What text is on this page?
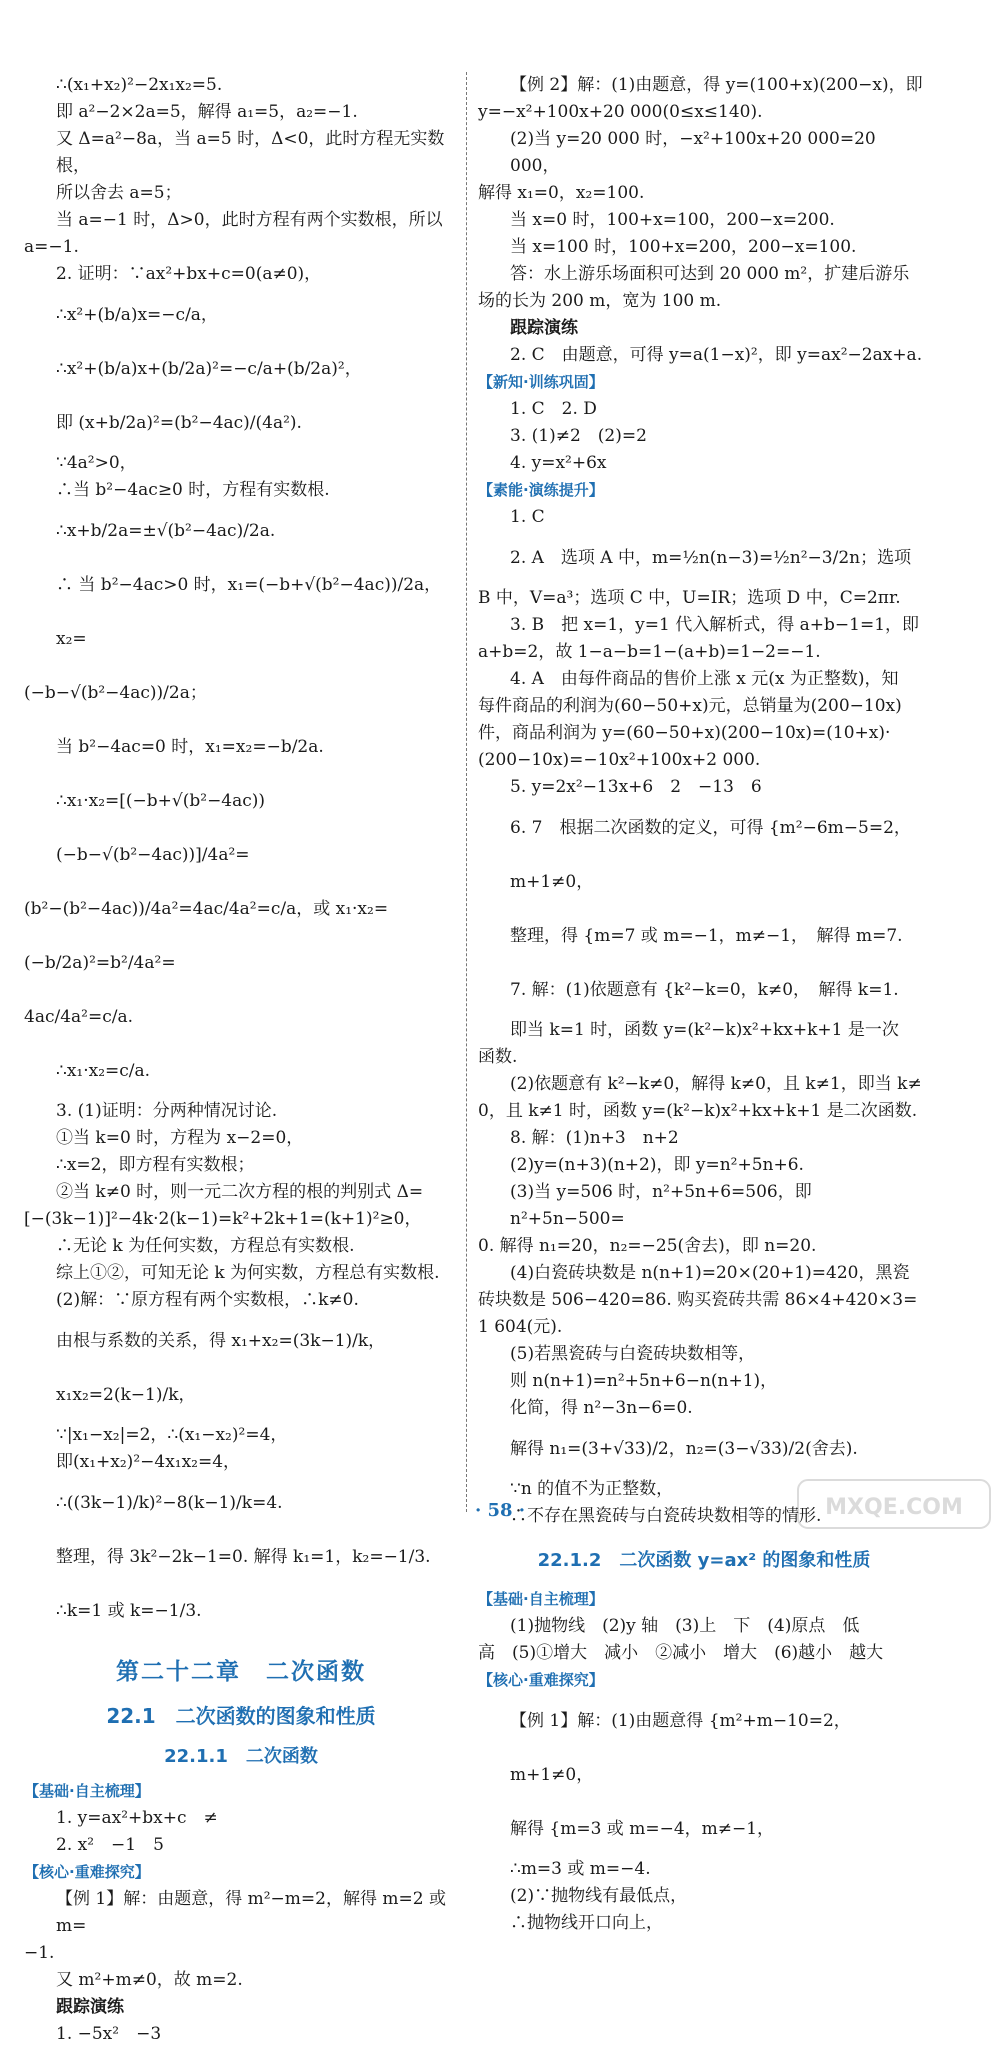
∴(x₁+x₂)²−2x₁x₂=5.
即 a²−2×2a=5，解得 a₁=5，a₂=−1.
又 Δ=a²−8a，当 a=5 时，Δ<0，此时方程无实数根，
所以舍去 a=5；
当 a=−1 时，Δ>0，此时方程有两个实数根，所以
a=−1.
2. 证明：∵ax²+bx+c=0(a≠0)，
∴x²+(b/a)x=−c/a，
∴x²+(b/a)x+(b/2a)²=−c/a+(b/2a)²，
即 (x+b/2a)²=(b²−4ac)/(4a²).
∵4a²>0，
∴当 b²−4ac≥0 时，方程有实数根.
∴x+b/2a=±√(b²−4ac)/2a.
∴ 当 b²−4ac>0 时，x₁=(−b+√(b²−4ac))/2a，x₂=
(−b−√(b²−4ac))/2a；
当 b²−4ac=0 时，x₁=x₂=−b/2a.
∴x₁·x₂=[(−b+√(b²−4ac))(−b−√(b²−4ac))]/4a²=
(b²−(b²−4ac))/4a²=4ac/4a²=c/a，或 x₁·x₂=(−b/2a)²=b²/4a²=
4ac/4a²=c/a.
∴x₁·x₂=c/a.
3. (1)证明：分两种情况讨论.
①当 k=0 时，方程为 x−2=0，
∴x=2，即方程有实数根；
②当 k≠0 时，则一元二次方程的根的判别式 Δ=
[−(3k−1)]²−4k·2(k−1)=k²+2k+1=(k+1)²≥0，
∴无论 k 为任何实数，方程总有实数根.
综上①②，可知无论 k 为何实数，方程总有实数根.
(2)解：∵原方程有两个实数根，∴k≠0.
由根与系数的关系，得 x₁+x₂=(3k−1)/k，x₁x₂=2(k−1)/k，
∵|x₁−x₂|=2，∴(x₁−x₂)²=4，
即(x₁+x₂)²−4x₁x₂=4，
∴((3k−1)/k)²−8(k−1)/k=4.
整理，得 3k²−2k−1=0. 解得 k₁=1，k₂=−1/3.
∴k=1 或 k=−1/3.
第二十二章　二次函数
22.1　二次函数的图象和性质
22.1.1　二次函数
【基础·自主梳理】
1. y=ax²+bx+c　≠
2. x²　−1　5
【核心·重难探究】
【例 1】解：由题意，得 m²−m=2，解得 m=2 或 m=
−1.
又 m²+m≠0，故 m=2.
跟踪演练
1. −5x²　−3
【例 2】解：(1)由题意，得 y=(100+x)(200−x)，即
y=−x²+100x+20 000(0≤x≤140).
(2)当 y=20 000 时，−x²+100x+20 000=20 000，
解得 x₁=0，x₂=100.
当 x=0 时，100+x=100，200−x=200.
当 x=100 时，100+x=200，200−x=100.
答：水上游乐场面积可达到 20 000 m²，扩建后游乐
场的长为 200 m，宽为 100 m.
跟踪演练
2. C　由题意，可得 y=a(1−x)²，即 y=ax²−2ax+a.
【新知·训练巩固】
1. C　2. D
3. (1)≠2　(2)=2
4. y=x²+6x
【素能·演练提升】
1. C
2. A　选项 A 中，m=½n(n−3)=½n²−3/2n；选项
B 中，V=a³；选项 C 中，U=IR；选项 D 中，C=2πr.
3. B　把 x=1，y=1 代入解析式，得 a+b−1=1，即
a+b=2，故 1−a−b=1−(a+b)=1−2=−1.
4. A　由每件商品的售价上涨 x 元(x 为正整数)，知
每件商品的利润为(60−50+x)元，总销量为(200−10x)
件，商品利润为 y=(60−50+x)(200−10x)=(10+x)·
(200−10x)=−10x²+100x+2 000.
5. y=2x²−13x+6　2　−13　6
6. 7　根据二次函数的定义，可得 {m²−6m−5=2，m+1≠0，
整理，得 {m=7 或 m=−1，m≠−1，　解得 m=7.
7. 解：(1)依题意有 {k²−k=0，k≠0，　解得 k=1.
即当 k=1 时，函数 y=(k²−k)x²+kx+k+1 是一次
函数.
(2)依题意有 k²−k≠0，解得 k≠0，且 k≠1，即当 k≠
0，且 k≠1 时，函数 y=(k²−k)x²+kx+k+1 是二次函数.
8. 解：(1)n+3　n+2
(2)y=(n+3)(n+2)，即 y=n²+5n+6.
(3)当 y=506 时，n²+5n+6=506，即 n²+5n−500=
0. 解得 n₁=20，n₂=−25(舍去)，即 n=20.
(4)白瓷砖块数是 n(n+1)=20×(20+1)=420，黑瓷
砖块数是 506−420=86. 购买瓷砖共需 86×4+420×3=
1 604(元).
(5)若黑瓷砖与白瓷砖块数相等，
则 n(n+1)=n²+5n+6−n(n+1)，
化简，得 n²−3n−6=0.
解得 n₁=(3+√33)/2，n₂=(3−√33)/2(舍去).
∵n 的值不为正整数，
∴不存在黑瓷砖与白瓷砖块数相等的情形.
22.1.2　二次函数 y=ax² 的图象和性质
【基础·自主梳理】
(1)抛物线　(2)y 轴　(3)上　下　(4)原点　低
高　(5)①增大　减小　②减小　增大　(6)越小　越大
【核心·重难探究】
【例 1】解：(1)由题意得 {m²+m−10=2，m+1≠0，
解得 {m=3 或 m=−4，m≠−1，
∴m=3 或 m=−4.
(2)∵抛物线有最低点，
∴抛物线开口向上，
· 58 ·	MXQE.COM
